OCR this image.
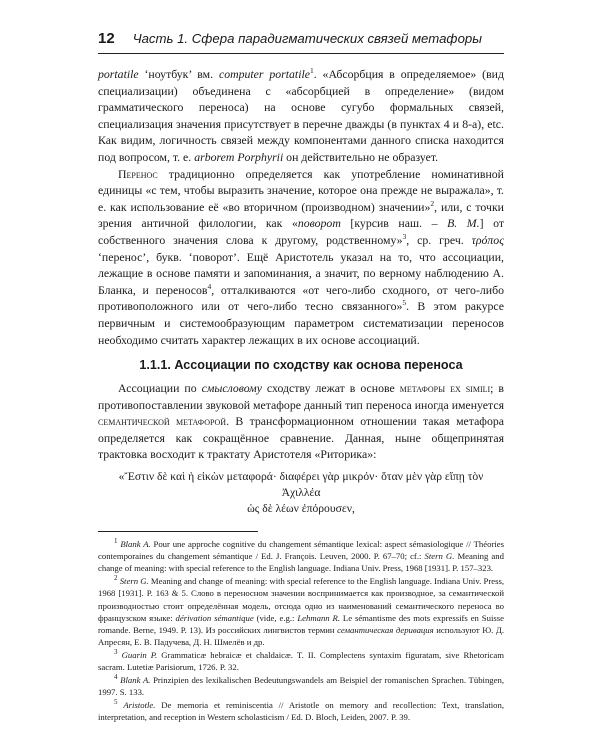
12 Часть 1. Сфера парадигматических связей метафоры

portatile ‘ноутбук’ вм. computer portatile$^1$. «Абсорбция в определяемое» (вид специализации) объединена с «абсорбцией в определение» (видом грамматического переноса) на основе сугубо формальных связей, специализация значения присутствует в перечне дважды (в пунктах 4 и 8-а), etc. Как видим, логичность связей между компонентами данного списка находится под вопросом, т. е. arborem Porphyrii он действительно не образует.

Перенос традиционно определяется как употребление номинативной единицы «с тем, чтобы выразить значение, которое она прежде не выражала», т. е. как использование её «во вторичном (производном) значении»$^2$, или, с точки зрения античной филологии, как «поворот [курсив наш. – В. М.] от собственного значения слова к другому, родственному»$^3$, ср. греч. τρόπος ‘перенос’, букв. ‘поворот’. Ещё Аристотель указал на то, что ассоциации, лежащие в основе памяти и запоминания, а значит, по верному наблюдению А. Бланка, и переносов$^4$, отталкиваются «от чего-либо сходного, от чего-либо противоположного или от чего-либо тесно связанного»$^5$. В этом ракурсе первичным и системообразующим параметром систематизации переносов необходимо считать характер лежащих в их основе ассоциаций.

1.1.1. Ассоциации по сходству как основа переноса

Ассоциации по смысловому сходству лежат в основе метафоры ex simili; в противопоставлении звуковой метафоре данный тип переноса иногда именуется семантической метафорой. В трансформационном отношении такая метафора определяется как сокращённое сравнение. Данная, ныне общепринятая трактовка восходит к трактату Аристотеля «Риторика»:

«Ἔστιν δὲ καὶ ἡ εἰκὼν μεταφορά· διαφέρει γὰρ μικρόν· ὅταν μὲν γὰρ εἴπῃ τὸν Ἀχιλλέα
ὡς δὲ λέων ἐπόρουσεν,

$^1$ Blank A. Pour une approche cognitive du changement sémantique lexical: aspect sémasiologique // Théories contemporaines du changement sémantique / Ed. J. François. Leuven, 2000. P. 67–70; cf.: Stern G. Meaning and change of meaning: with special reference to the English language. Indiana Univ. Press, 1968 [1931]. P. 157–323.

$^2$ Stern G. Meaning and change of meaning: with special reference to the English language. Indiana Univ. Press, 1968 [1931]. P. 163 & 5. Слово в переносном значении воспринимается как производное, за семантической производностью стоит определённая модель, отсюда одно из наименований семантического переноса во французском языке: dérivation sémantique (vide, e.g.: Lehmann R. Le sémantisme des mots expressifs en Suisse romande. Berne, 1949. P. 13). Из российских лингвистов термин семантическая деривация используют Ю. Д. Апресян, Е. В. Падучева, Д. Н. Шмелёв и др.

$^3$ Guarin P. Grammaticæ hebraicæ et chaldaicæ. T. II. Complectens syntaxim figuratam, sive Rhetoricam sacram. Lutetiæ Parisiorum, 1726. P. 32.

$^4$ Blank A. Prinzipien des lexikalischen Bedeutungswandels am Beispiel der romanischen Sprachen. Tübingen, 1997. S. 133.

$^5$ Aristotle. De memoria et reminiscentia // Aristotle on memory and recollection: Text, translation, interpretation, and reception in Western scholasticism / Ed. D. Bloch, Leiden, 2007. P. 39.
